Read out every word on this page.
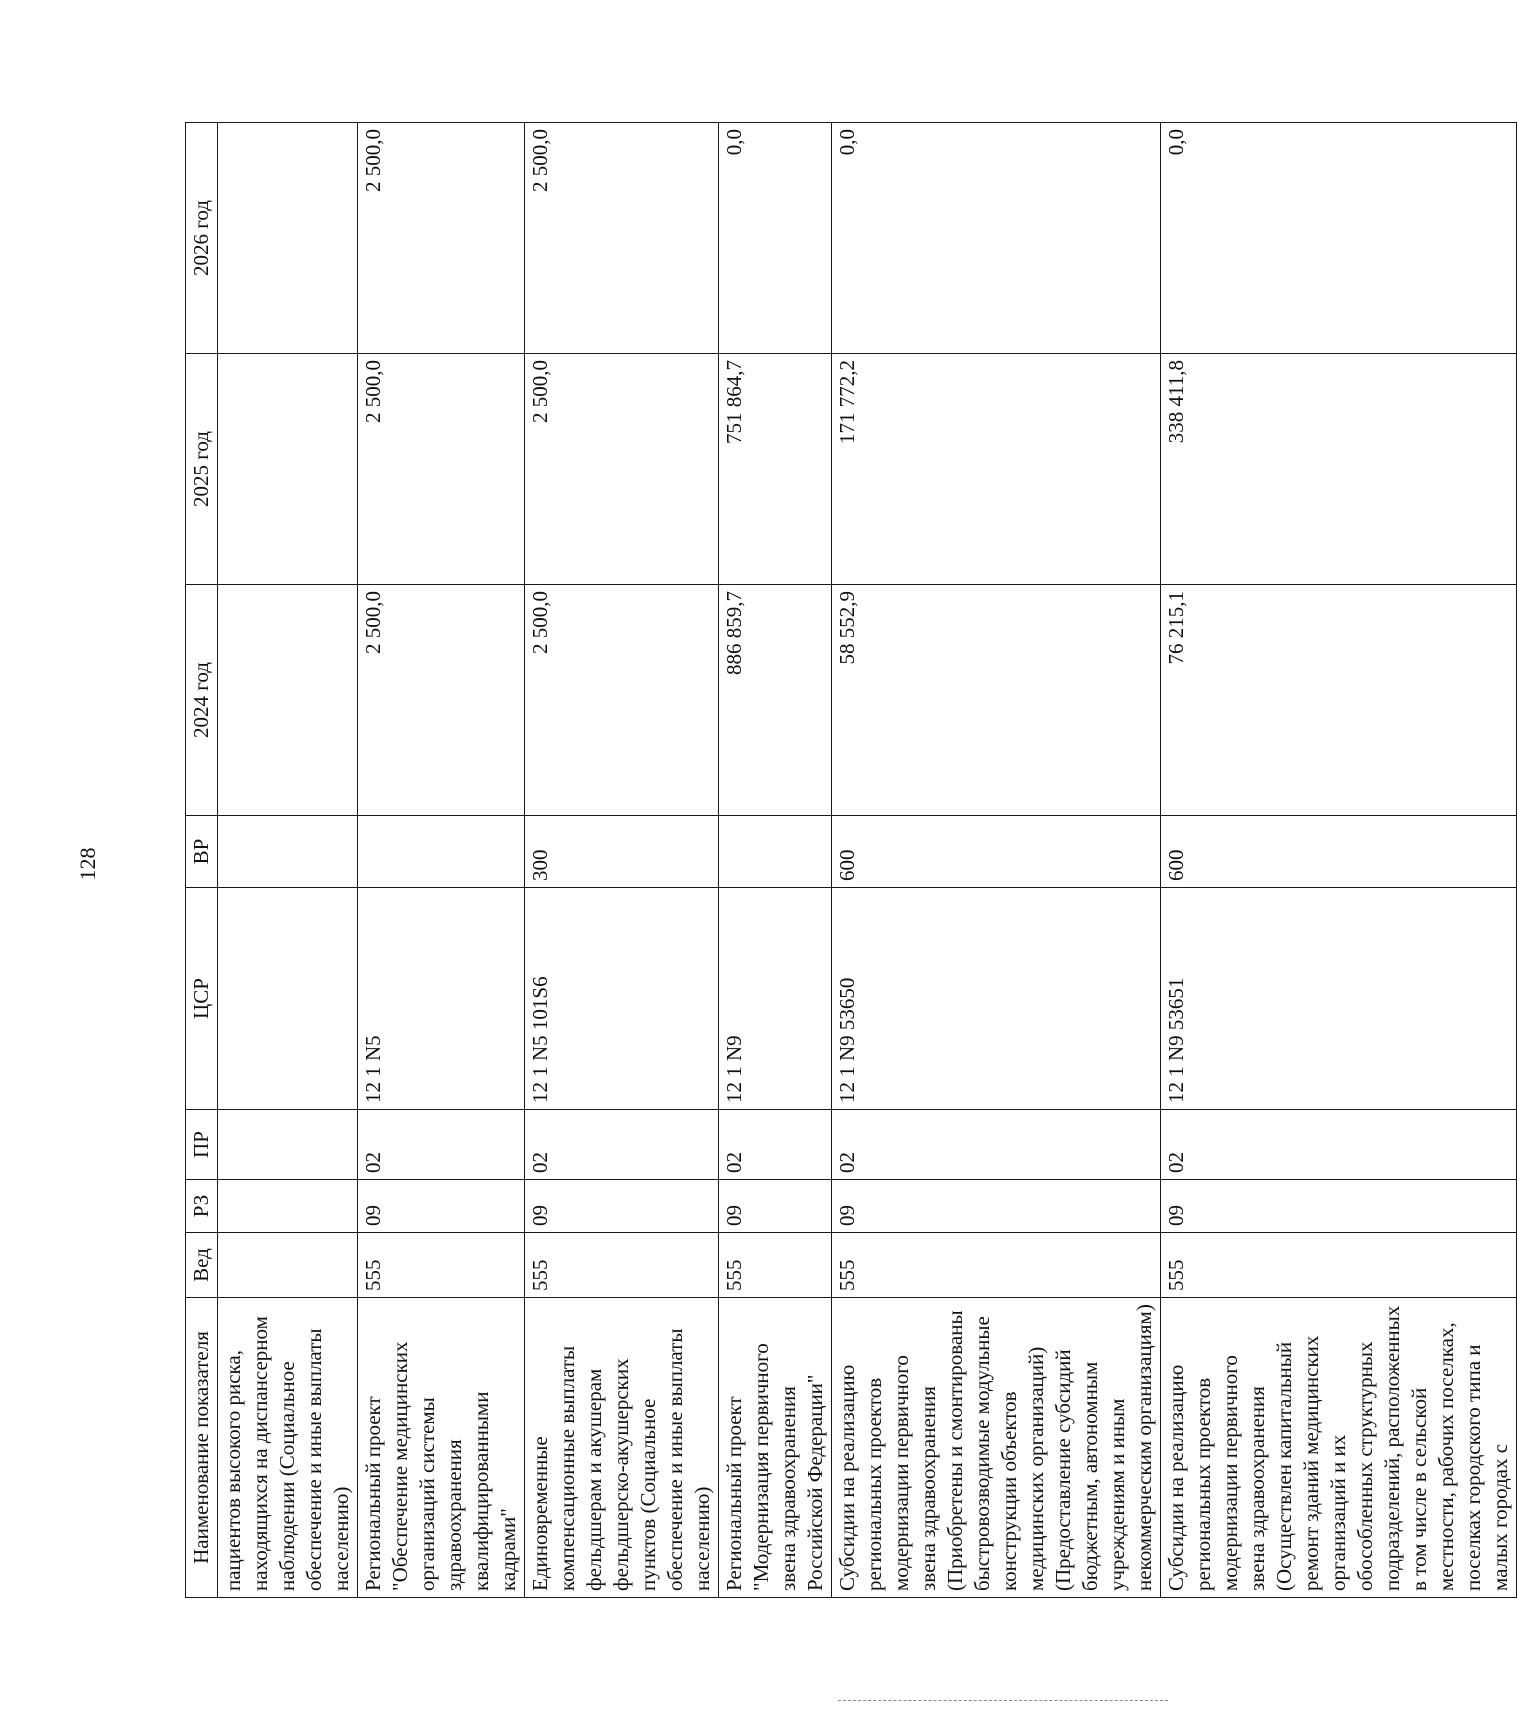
128
Наименование показателя	Вед	РЗ	ПР	ЦСР	ВР	2024 год	2025 год	2026 год
пациентов высокого риска, находящихся на диспансерном наблюдении (Социальное обеспечение и иные выплаты населению)								
Региональный проект "Обеспечение медицинских организаций системы здравоохранения квалифицированными кадрами"	555	09	02	12 1 N5		2 500,0	2 500,0	2 500,0
Единовременные компенсационные выплаты фельдшерам и акушерам фельдшерско-акушерских пунктов (Социальное обеспечение и иные выплаты населению)	555	09	02	12 1 N5 101S6	300	2 500,0	2 500,0	2 500,0
Региональный проект "Модернизация первичного звена здравоохранения Российской Федерации"	555	09	02	12 1 N9		886 859,7	751 864,7	0,0
Субсидии на реализацию региональных проектов модернизации первичного звена здравоохранения (Приобретены и смонтированы быстровозводимые модульные конструкции объектов медицинских организаций) (Предоставление субсидий бюджетным, автономным учреждениям и иным некоммерческим организациям)	555	09	02	12 1 N9 53650	600	58 552,9	171 772,2	0,0
Субсидии на реализацию региональных проектов модернизации первичного звена здравоохранения (Осуществлен капитальный ремонт зданий медицинских организаций и их обособленных структурных подразделений, расположенных в том числе в сельской местности, рабочих поселках, поселках городского типа и малых городах с	555	09	02	12 1 N9 53651	600	76 215,1	338 411,8	0,0
